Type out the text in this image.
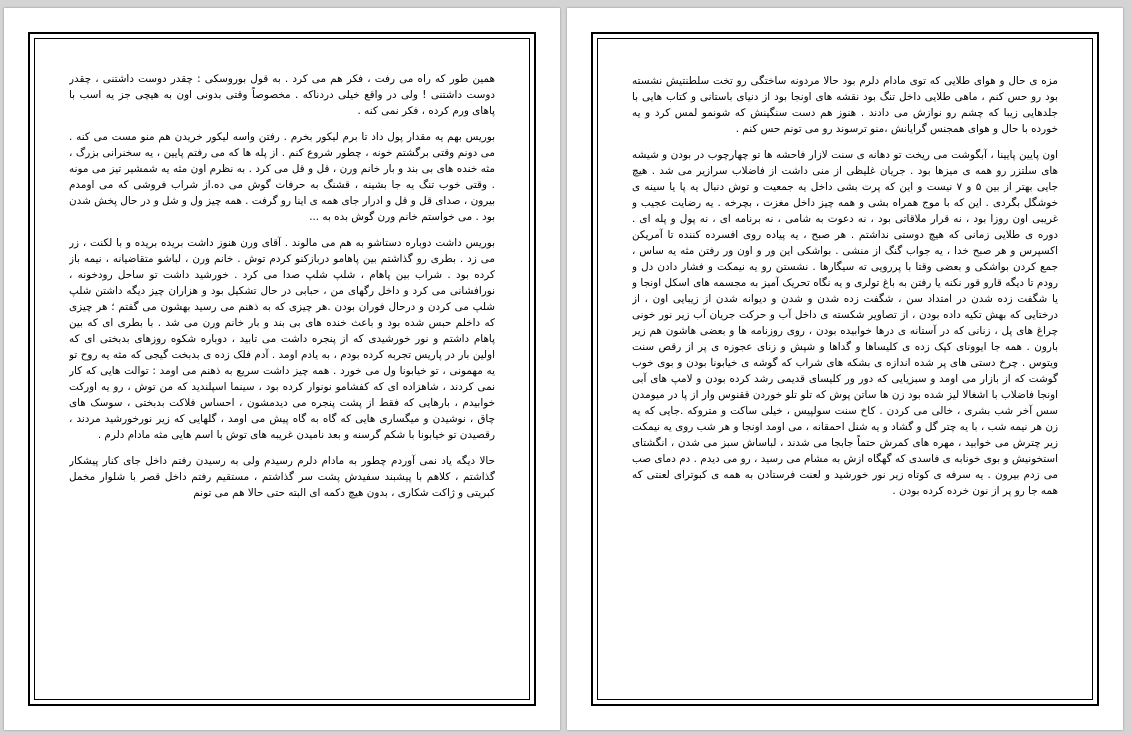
همین طور که راه می رفت ، فکر هم می کرد . به قول بوروسکی : چقدر دوست داشتنی ، چقدر دوست داشتنی ! ولی در واقع خیلی دردناکه . مخصوصاً وقتی بدونی اون به هیچی جز یه اسب با پاهای ورم کرده ، فکر نمی کنه .

بوریس بهم یه مقدار پول داد تا برم لیکور بخرم . رفتن واسه لیکور خریدن هم منو مست می کنه . می دونم وقتی برگشتم خونه ، چطور شروع کنم . از پله ها که می رفتم پایین ، یه سخنرانی بزرگ ، مثه خنده های بی بند و بار خانم ورن ، قل و قل می کرد . به نظرم اون مثه یه شمشیر تیز می مونه . وقتی خوب تنگ یه جا بشینه ، قشنگ به حرفات گوش می ده.از شراب فروشی که می اومدم بیرون ، صدای قل و قل و ادرار جای همه ی اینا رو گرفت . همه چیز ول و شل و در حال پخش شدن بود . می خواستم خانم ورن گوش بده به ...

بوریس داشت دوباره دستاشو به هم می مالوند . آقای ورن هنوز داشت بریده بریده و با لکنت ، زر می زد . بطری رو گذاشتم بین پاهامو دربازکنو کردم توش . خانم ورن ، لباشو متقاضیانه ، نیمه باز کرده بود . شراب بین پاهام ، شلپ شلپ صدا می کرد . خورشید داشت تو ساحل رودخونه ، نورافشانی می کرد و داخل رگهای من ، حبابی در حال تشکیل بود و هزاران چیز دیگه داشتن شلپ شلپ می کردن و درحال فوران بودن .هر چیزی که به ذهنم می رسید بهشون می گفتم ؛ هر چیزی که داخلم حبس شده بود و باعث خنده های بی بند و بار خانم ورن می شد . با بطری ای که بین پاهام داشتم و نور خورشیدی که از پنجره داشت می تابید ، دوباره شکوه روزهای بدبختی ای که اولین بار در پاریس تجربه کرده بودم ، به یادم اومد . آدم فلک زده ی بدبخت گیجی که مثه یه روح تو یه مهمونی ، تو خیابونا ول می خورد . همه چیز داشت سریع به ذهنم می اومد : توالت هایی که کار نمی کردند ، شاهزاده ای که کفشامو نونوار کرده بود ، سینما اسپلندید که من توش ، رو یه اورکت خوابیدم ، بارهایی که فقط از پشت پنجره می دیدمشون ، احساس فلاکت بدبختی ، سوسک های چاق ، نوشیدن و میگساری هایی که گاه به گاه پیش می اومد ، گلهایی که زیر نورخورشید مردند ، رقصیدن تو خیابونا با شکم گرسنه و بعد نامیدن غریبه های توش با اسم هایی مثه مادام دلرم .

حالا دیگه یاد نمی آوردم چطور به مادام دلرم رسیدم ولی به رسیدن رفتم داخل جای کنار پیشکار گذاشتم ، کلاهم با پیشبند سفیدش پشت سر گذاشتم ، مستقیم رفتم داخل قصر با شلوار مخمل کبریتی و ژاکت شکاری ، بدون هیچ دکمه ای البته حتی حالا هم می تونم

مزه ی حال و هوای طلایی که توی مادام دلرم بود حالا مردونه ساختگی رو تخت سلطنتیش نشسته بود رو حس کنم ، ماهی طلایی داخل تنگ بود نقشه های اونجا بود از دنیای باستانی و کتاب هایی با جلدهایی زیبا که چشم رو نوازش می دادند . هنوز هم دست سنگینش که شونمو لمس کرد و یه خورده با حال و هوای همجنس گرایانش ،منو ترسوند رو می تونم حس کنم .

اون پایین پایینا ، آبگوشت می ریخت تو دهانه ی سنت لازار فاحشه ها تو چهارچوب در بودن و شیشه های سلتزر رو همه ی میزها بود . جریان غلیظی از منی داشت از فاضلاب سرازیر می شد . هیچ جایی بهتر از بین ۵ و ۷ نیست و این که پرت بشی داخل یه جمعیت و توش دنبال یه پا یا سینه ی خوشگل بگردی . این که با موج همراه بشی و همه چیز داخل مغزت ، بچرخه . یه رضایت عجیب و غریبی اون روزا بود ، نه قرار ملاقاتی بود ، نه دعوت به شامی ، نه برنامه ای ، نه پول و پله ای . دوره ی طلایی زمانی که هیچ دوستی نداشتم . هر صبح ، یه پیاده روی افسرده کننده تا آمریکن اکسپرس و هر صبح خدا ، یه جواب گنگ از منشی . بواشکی این ور و اون ور رفتن مثه یه ساس ، جمع کردن بواشکی و بعضی وقتا با پررویی ته سیگارها . نشستن رو یه نیمکت و فشار دادن دل و رودم تا دیگه قارو قور نکنه یا رفتن به باغ تولری و یه نگاه تحریک آمیز به مجسمه های اسکل اونجا و یا شگفت زده شدن در امتداد سن ، شگفت زده شدن و شدن و دیوانه شدن از زیبایی اون ، از درختایی که بهش تکیه داده بودن ، از تصاویر شکسته ی داخل آب و حرکت جریان آب زیر نور خونی چراغ های پل ، زنانی که در آستانه ی درها خوابیده بودن ، روی روزنامه ها و بعضی هاشون هم زیر بارون . همه جا ایوونای کپک زده ی کلیساها و گداها و شپش و زنای عجوزه ی پر از رقص سنت ویتوس . چرخ دستی های پر شده اندازه ی بشکه های شراب که گوشه ی خیابونا بودن و بوی خوب گوشت که از بازار می اومد و سبزیایی که دور ور کلیسای قدیمی رشد کرده بودن و لامپ های آبی اونجا فاضلاب با اشغالا لیز شده بود زن ها ساتن پوش که تلو تلو خوردن ققنوس وار از پا در میومدن سس آخر شب بشری ، خالی می کردن . کاخ سنت سولپیس ، خیلی ساکت و متروکه .جایی که یه زن هر نیمه شب ، با یه چتر گل و گشاد و یه شنل احمقانه ، می اومد اونجا و هر شب روی یه نیمکت زیر چترش می خوابید ، مهره های کمرش حتماً جابجا می شدند ، لباساش سبز می شدن ، انگشتای استخونیش و بوی خونابه ی فاسدی که گهگاه ازش به مشام می رسید ، رو می دیدم . دم دمای صب می زدم بیرون . یه سرفه ی کوتاه زیر نور خورشید و لعنت فرستادن به همه ی کبوترای لعنتی که همه جا رو پر از نون خرده کرده بودن .
